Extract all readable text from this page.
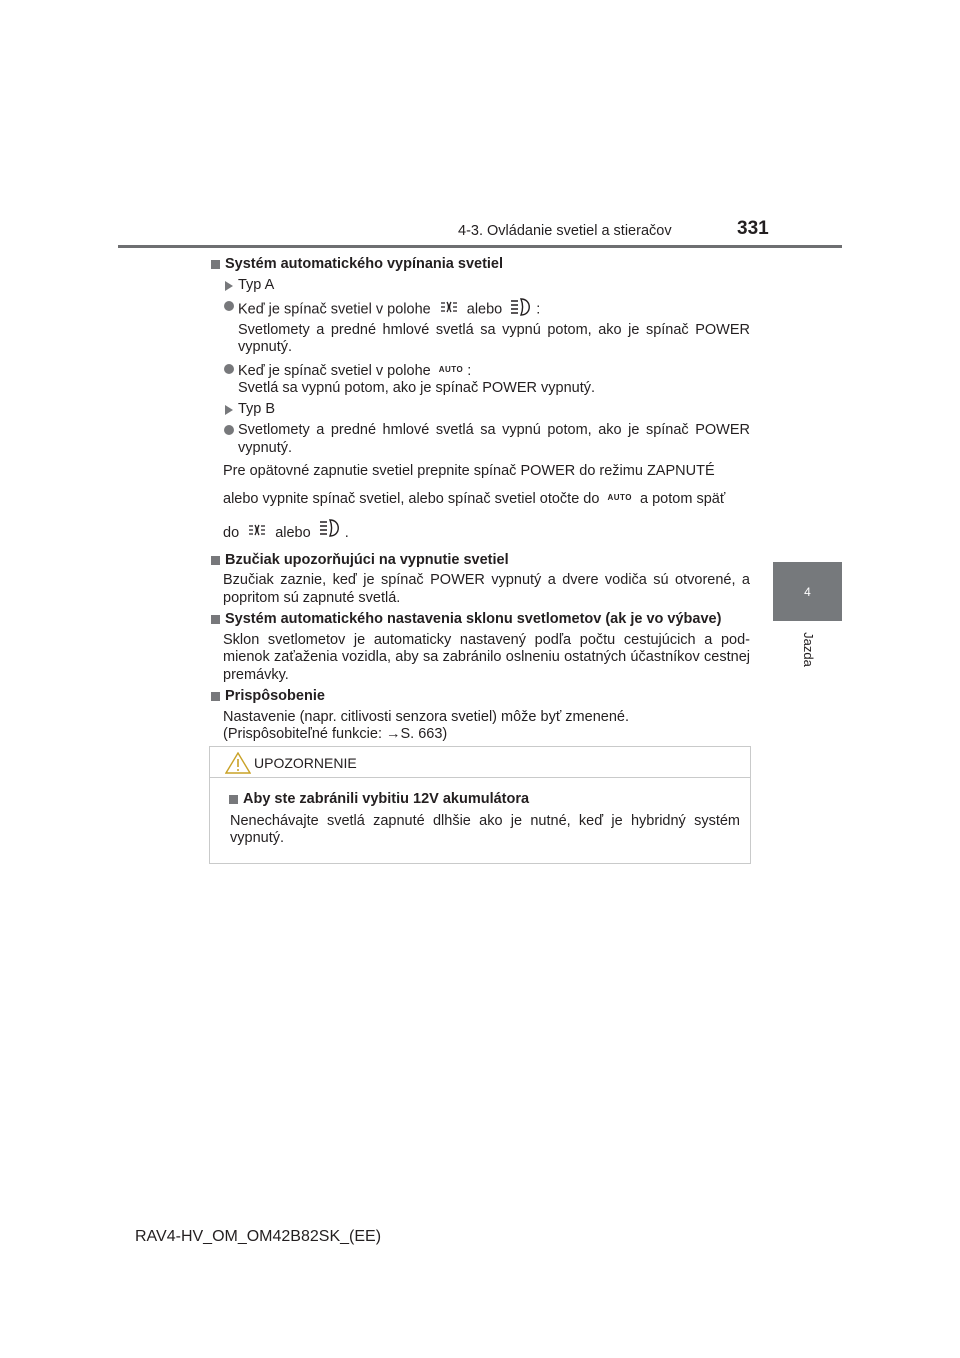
4-3. Ovládanie svetiel a stieračov	331
4
Jazda
Systém automatického vypínania svetiel
Typ A
Keď je spínač svetiel v polohe  alebo :
Svetlomety a predné hmlové svetlá sa vypnú potom, ako je spínač POWER vypnutý.
Keď je spínač svetiel v polohe AUTO :
Svetlá sa vypnú potom, ako je spínač POWER vypnutý.
Typ B
Svetlomety a predné hmlové svetlá sa vypnú potom, ako je spínač POWER vypnutý.
Pre opätovné zapnutie svetiel prepnite spínač POWER do režimu ZAPNUTÉ
alebo vypnite spínač svetiel, alebo spínač svetiel otočte do AUTO a potom späť
do  alebo .
Bzučiak upozorňujúci na vypnutie svetiel
Bzučiak zaznie, keď je spínač POWER vypnutý a dvere vodiča sú otvorené, a popritom sú zapnuté svetlá.
Systém automatického nastavenia sklonu svetlometov (ak je vo výbave)
Sklon svetlometov je automaticky nastavený podľa počtu cestujúcich a pod-mienok zaťaženia vozidla, aby sa zabránilo oslneniu ostatných účastníkov cestnej premávky.
Prispôsobenie
Nastavenie (napr. citlivosti senzora svetiel) môže byť zmenené.
(Prispôsobiteľné funkcie: →S. 663)
UPOZORNENIE
Aby ste zabránili vybitiu 12V akumulátora
Nenechávajte svetlá zapnuté dlhšie ako je nutné, keď je hybridný systém vypnutý.
RAV4-HV_OM_OM42B82SK_(EE)
